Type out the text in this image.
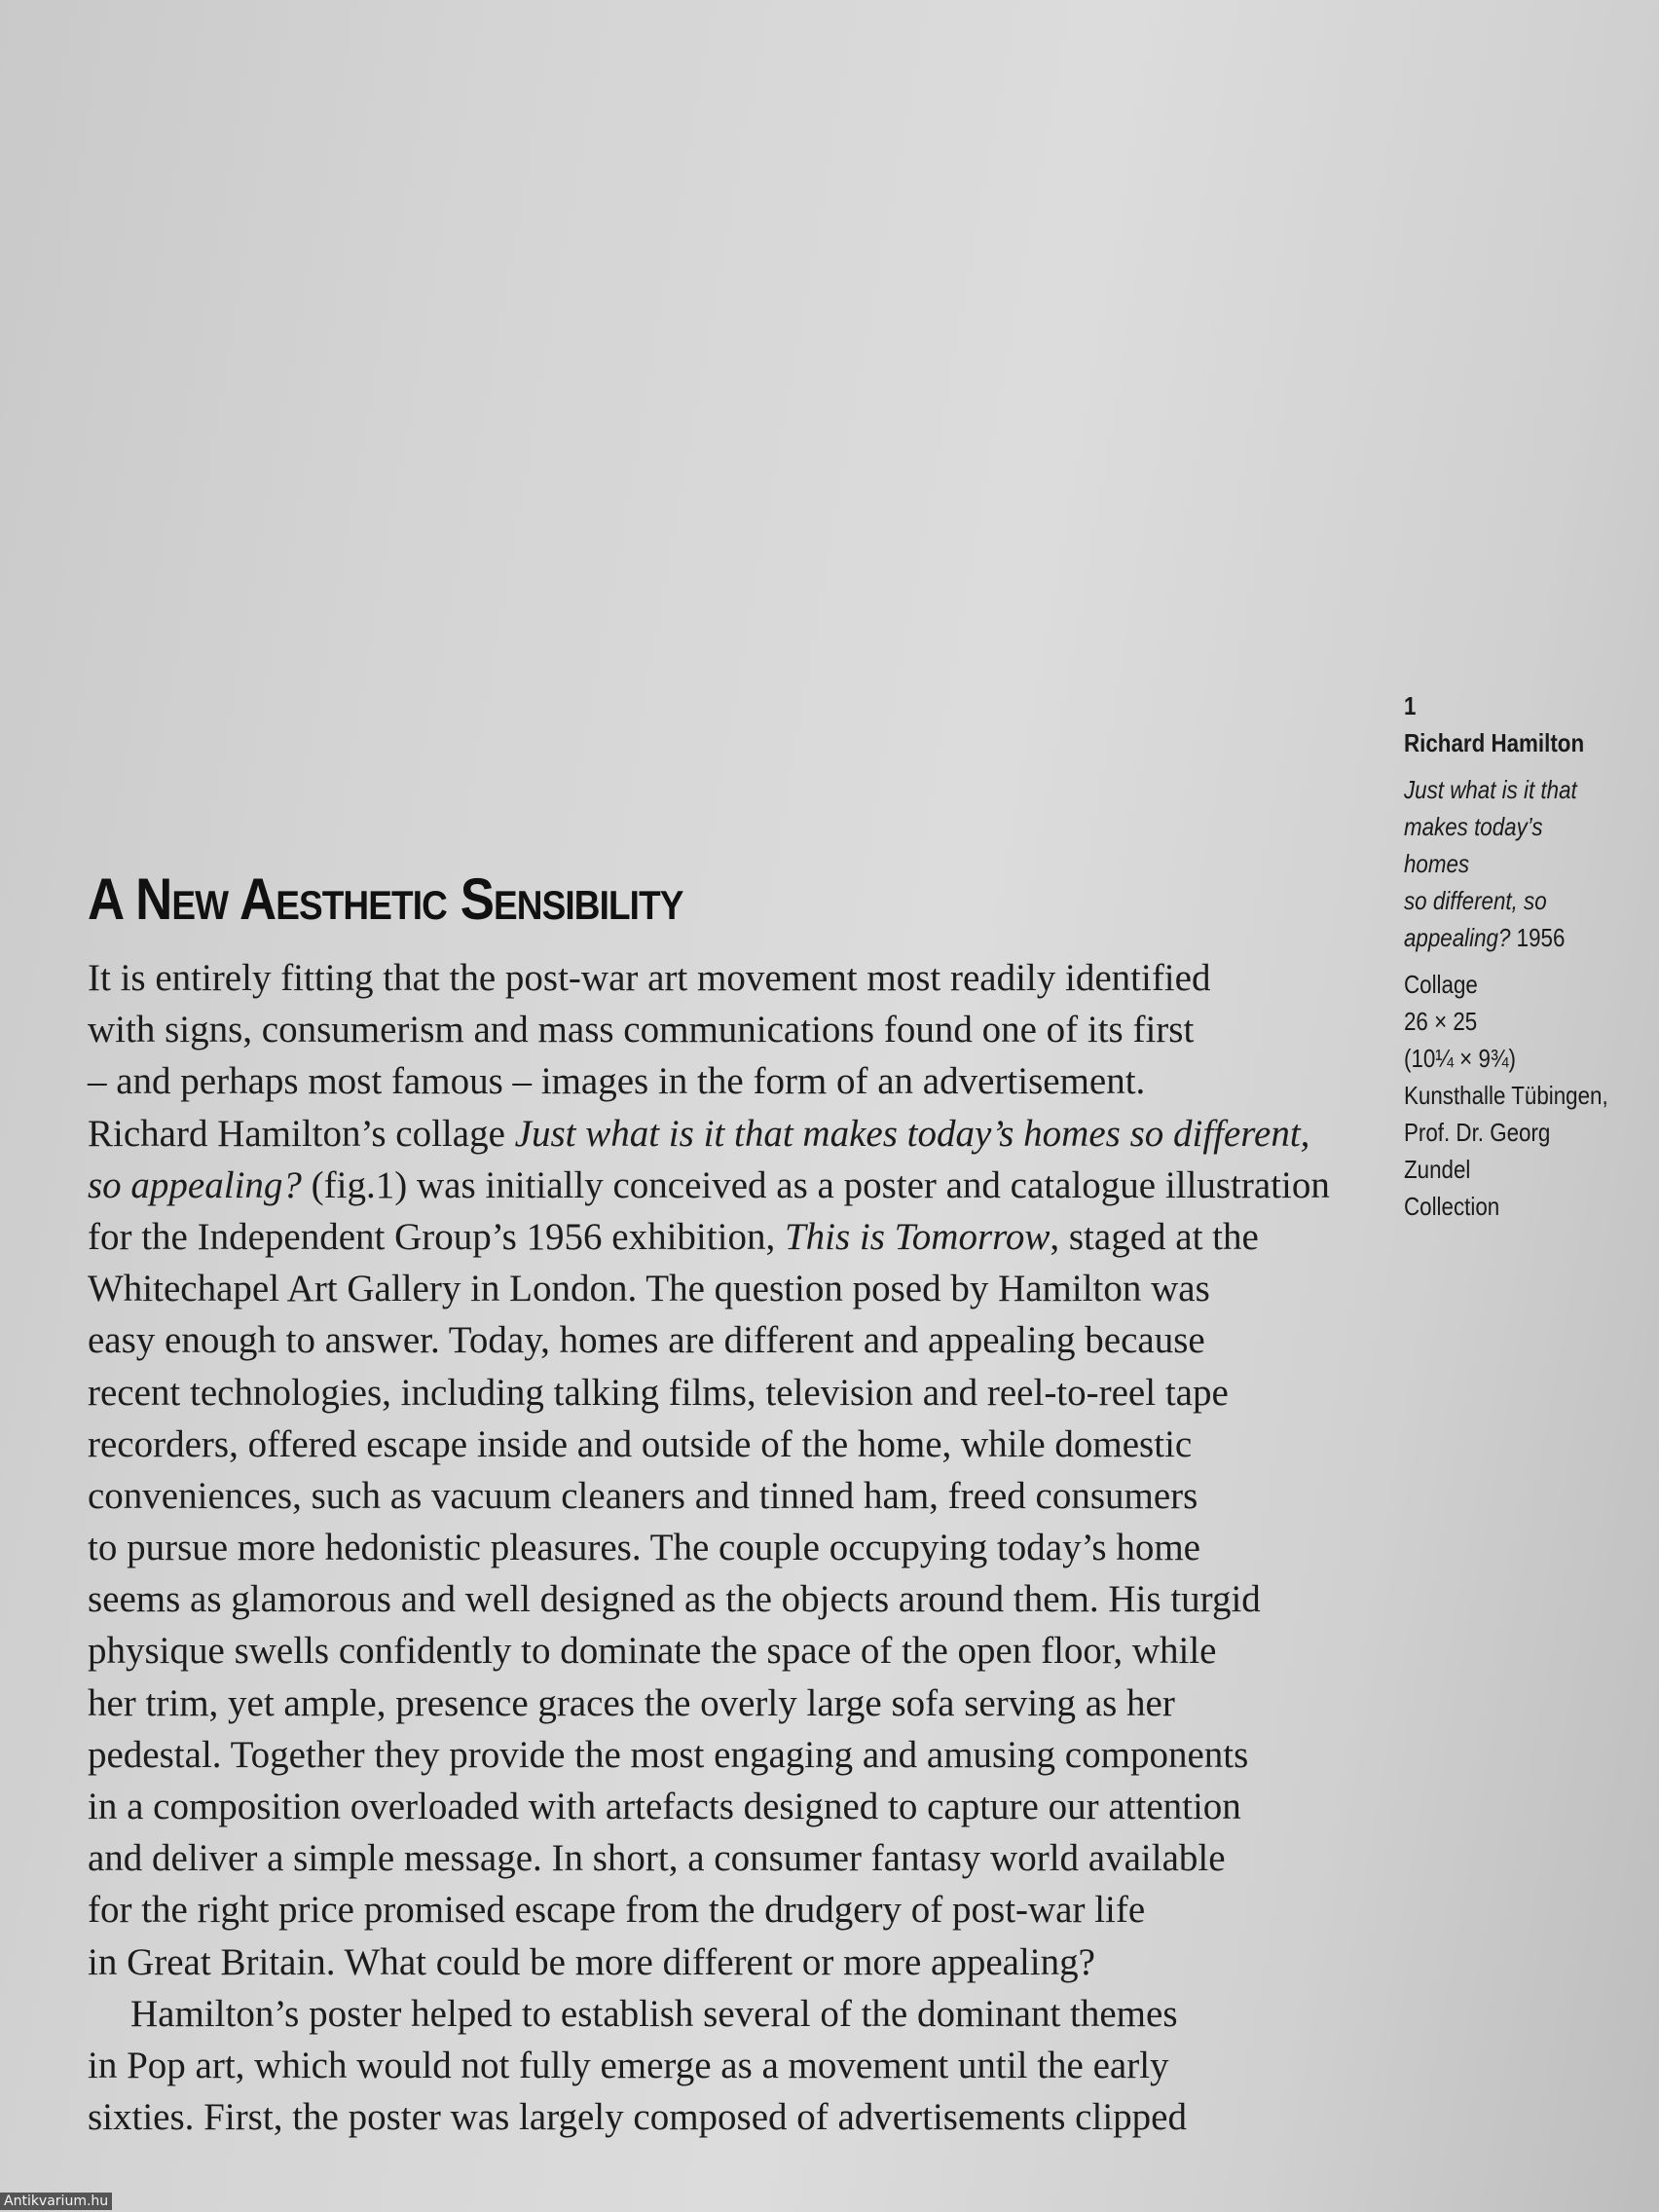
1
Richard Hamilton
Just what is it that
makes today’s homes
so different, so
appealing? 1956
Collage
26 × 25
(10¼ × 9¾)
Kunsthalle Tübingen,
Prof. Dr. Georg Zundel
Collection
A New Aesthetic Sensibility
It is entirely fitting that the post-war art movement most readily identified
with signs, consumerism and mass communications found one of its first
– and perhaps most famous – images in the form of an advertisement.
Richard Hamilton’s collage Just what is it that makes today’s homes so different,
so appealing? (fig.1) was initially conceived as a poster and catalogue illustration
for the Independent Group’s 1956 exhibition, This is Tomorrow, staged at the
Whitechapel Art Gallery in London. The question posed by Hamilton was
easy enough to answer. Today, homes are different and appealing because
recent technologies, including talking films, television and reel-to-reel tape
recorders, offered escape inside and outside of the home, while domestic
conveniences, such as vacuum cleaners and tinned ham, freed consumers
to pursue more hedonistic pleasures. The couple occupying today’s home
seems as glamorous and well designed as the objects around them. His turgid
physique swells confidently to dominate the space of the open floor, while
her trim, yet ample, presence graces the overly large sofa serving as her
pedestal. Together they provide the most engaging and amusing components
in a composition overloaded with artefacts designed to capture our attention
and deliver a simple message. In short, a consumer fantasy world available
for the right price promised escape from the drudgery of post-war life
in Great Britain. What could be more different or more appealing?
Hamilton’s poster helped to establish several of the dominant themes
in Pop art, which would not fully emerge as a movement until the early
sixties. First, the poster was largely composed of advertisements clipped
Antikvarium.hu
